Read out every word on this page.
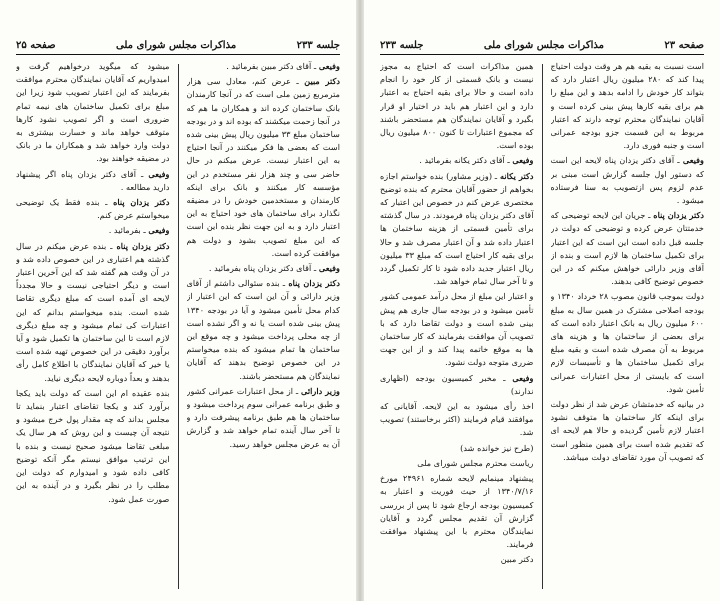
جلسه ۲۳۳
مذاکرات مجلس شورای ملی
صفحه ۲۵

وفیعی ـ آقای دکتر مبین بفرمائید .

دکتر مبین ـ عرض کنم، معادل سی هزار مترمربع زمین ملی است که در آنجا کارمندان بانک ساختمان کرده اند و همکاران ما هم که در آنجا زحمت میکشند که بوده اند و در بودجه ساختمان مبلغ ۳۳ میلیون ریال پیش بینی شده است که بعضی ها فکر میکنند در آنجا احتیاج به این اعتبار نیست. عرض میکنم در حال حاضر سی و چند هزار نفر مستخدم در این مؤسسه کار میکنند و بانک برای اینکه کارمندان و مستخدمین خودش را در مضیقه نگذارد برای ساختمان های خود احتیاج به این اعتبار دارد و به این جهت نظر بنده این است که این مبلغ تصویب بشود و دولت هم موافقت کرده است.

وفیعی ـ آقای دکتر یزدان پناه بفرمائید .

دکتر یزدان پناه ـ بنده سئوالی داشتم از آقای وزیر دارائی و آن این است که این اعتبار از کدام محل تأمین میشود و آیا در بودجه ۱۳۴۰ پیش بینی شده است یا نه و اگر نشده است از چه محلی پرداخت میشود و چه موقع این ساختمان ها تمام میشود که بنده میخواستم در این خصوص توضیح بدهند که آقایان نمایندگان هم مستحضر باشند.

وزیر دارائی ـ از محل اعتبارات عمرانی کشور و طبق برنامه عمرانی سوم پرداخت میشود و ساختمان ها هم طبق برنامه پیشرفت دارد و تا آخر سال آینده تمام خواهد شد و گزارش آن به عرض مجلس خواهد رسید.

میشود که میگوید درخواهیم گرفت و امیدواریم که آقایان نمایندگان محترم موافقت بفرمایند که این اعتبار تصویب شود زیرا این مبلغ برای تکمیل ساختمان های نیمه تمام ضروری است و اگر تصویب نشود کارها متوقف خواهد ماند و خسارت بیشتری به دولت وارد خواهد شد و همکاران ما در بانک در مضیقه خواهند بود.

وفیعی ـ آقای دکتر یزدان پناه اگر پیشنهاد دارید مطالعه .

دکتر یزدان پناه ـ بنده فقط یک توضیحی میخواستم عرض کنم.

وفیعی ـ بفرمائید .

دکتر یزدان پناه ـ بنده عرض میکنم در سال گذشته هم اعتباری در این خصوص داده شد و در آن وقت هم گفته شد که این آخرین اعتبار است و دیگر احتیاجی نیست و حالا مجدداً لایحه ای آمده است که مبلغ دیگری تقاضا شده است. بنده میخواستم بدانم که این اعتبارات کی تمام میشود و چه مبلغ دیگری لازم است تا این ساختمان ها تکمیل شود و آیا برآورد دقیقی در این خصوص تهیه شده است یا خیر که آقایان نمایندگان با اطلاع کامل رأی بدهند و بعداً دوباره لایحه دیگری نیاید.

بنده عقیده ام این است که دولت باید یکجا برآورد کند و یکجا تقاضای اعتبار بنماید تا مجلس بداند که چه مقدار پول خرج میشود و نتیجه آن چیست و این روش که هر سال یک مبلغی تقاضا میشود صحیح نیست و بنده با این ترتیب موافق نیستم مگر آنکه توضیح کافی داده شود و امیدوارم که دولت این مطلب را در نظر بگیرد و در آینده به این صورت عمل شود.

صفحه ۲۳
مذاکرات مجلس شورای ملی
جلسه ۲۳۳

است نسبت به بقیه هم هر وقت دولت احتیاج پیدا کند که ۲۸۰ میلیون ریال اعتبار دارد که بتواند کار خودش را ادامه بدهد و این مبلغ را هم برای بقیه کارها پیش بینی کرده است و آقایان نمایندگان محترم توجه دارند که اعتبار مربوط به این قسمت جزو بودجه عمرانی است و جنبه فوری دارد.

وفیعی ـ آقای دکتر یزدان پناه لایحه این است که دستور اول جلسه گزارش است مبنی بر عدم لزوم پس ازتصویب به سنا فرستاده میشود .

دکتر یزدان پناه ـ جریان این لایحه توضیحی که خدمتتان عرض کرده و توضیحی که دولت در جلسه قبل داده است این است که این اعتبار برای تکمیل ساختمان ها لازم است و بنده از آقای وزیر دارائی خواهش میکنم که در این خصوص توضیح کافی بدهند.

دولت بموجب قانون مصوب ۲۸ خرداد ۱۳۴۰ و بودجه اصلاحی مشترک در همین سال به مبلغ ۶۰۰ میلیون ریال به بانک اعتبار داده است که برای بعضی از ساختمان ها و هزینه های مربوط به آن مصرف شده است و بقیه مبلغ برای تکمیل ساختمان ها و تأسیسات لازم است که بایستی از محل اعتبارات عمرانی تأمین شود.

در بیانیه که خدمتشان عرض شد از نظر دولت برای اینکه کار ساختمان ها متوقف نشود اعتبار لازم تأمین گردیده و حالا هم لایحه ای که تقدیم شده است برای همین منظور است که تصویب آن مورد تقاضای دولت میباشد.

همین مذاکرات است که احتیاج به مجوز نیست و بانک قسمتی از کار خود را انجام داده است و حالا برای بقیه احتیاج به اعتبار دارد و این اعتبار هم باید در اختیار او قرار بگیرد و آقایان نمایندگان هم مستحضر باشند که مجموع اعتبارات تا کنون ۸۰۰ میلیون ریال بوده است.

وفیعی ـ آقای دکتر یکانه بفرمائید .

دکتر یکانه ـ (وزیر مشاور) بنده خواستم اجازه بخواهم از حضور آقایان محترم که بنده توضیح مختصری عرض کنم در خصوص این اعتبار که آقای دکتر یزدان پناه فرمودند. در سال گذشته برای تأمین قسمتی از هزینه ساختمان ها اعتبار داده شد و آن اعتبار مصرف شد و حالا برای بقیه کار احتیاج است که مبلغ ۳۳ میلیون ریال اعتبار جدید داده شود تا کار تکمیل گردد و تا آخر سال تمام خواهد شد.

و اعتبار این مبلغ از محل درآمد عمومی کشور تأمین میشود و در بودجه سال جاری هم پیش بینی شده است و دولت تقاضا دارد که با تصویب آن موافقت بفرمایند که کار ساختمان ها به موقع خاتمه پیدا کند و از این جهت ضرری متوجه دولت نشود.

وفیعی ـ مخبر کمیسیون بودجه (اظهاری ندارند)

اخذ رأی میشود به این لایحه. آقایانی که موافقند قیام فرمایند (اکثر برخاستند) تصویب شد.

(طرح نیز خوانده شد)

ریاست محترم مجلس شورای ملی

پیشنهاد مینمایم لایحه شماره ۲۴۹۶۱ مورخ ۱۳۴۰/۷/۱۶ از حیث فوریت و اعتبار به کمیسیون بودجه ارجاع شود تا پس از بررسی گزارش آن تقدیم مجلس گردد و آقایان نمایندگان محترم با این پیشنهاد موافقت فرمایند.

دکتر مبین
